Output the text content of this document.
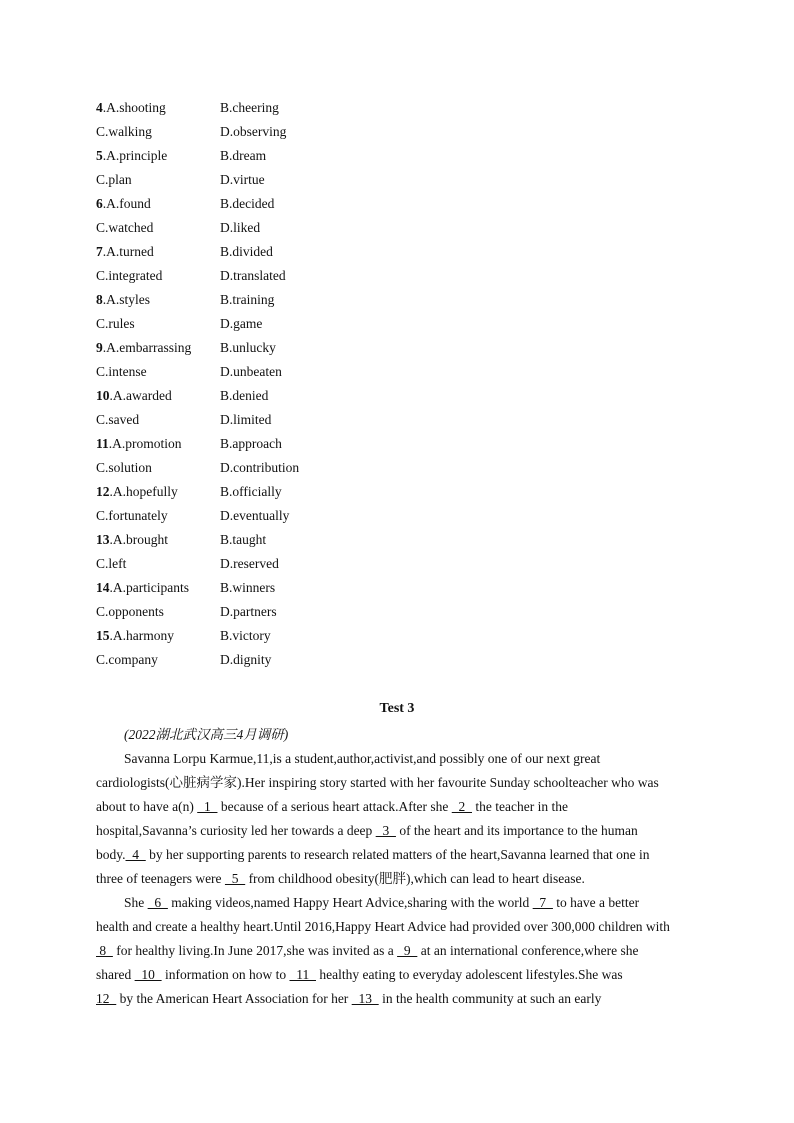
4.A.shooting	B.cheering
C.walking	D.observing
5.A.principle	B.dream
C.plan	D.virtue
6.A.found	B.decided
C.watched	D.liked
7.A.turned	B.divided
C.integrated	D.translated
8.A.styles	B.training
C.rules	D.game
9.A.embarrassing	B.unlucky
C.intense	D.unbeaten
10.A.awarded	B.denied
C.saved	D.limited
11.A.promotion	B.approach
C.solution	D.contribution
12.A.hopefully	B.officially
C.fortunately	D.eventually
13.A.brought	B.taught
C.left	D.reserved
14.A.participants	B.winners
C.opponents	D.partners
15.A.harmony	B.victory
C.company	D.dignity
Test 3
(2022湖北武汉高三4月调研)
Savanna Lorpu Karmue,11,is a student,author,activist,and possibly one of our next great
cardiologists(心脏病学家).Her inspiring story started with her favourite Sunday schoolteacher who was
about to have a(n)   1   because of a serious heart attack.After she   2   the teacher in the
hospital,Savanna’s curiosity led her towards a deep   3   of the heart and its importance to the human
body.  4   by her supporting parents to research related matters of the heart,Savanna learned that one in
three of teenagers were   5   from childhood obesity(肥胖),which can lead to heart disease.
She   6   making videos,named Happy Heart Advice,sharing with the world   7   to have a better
health and create a healthy heart.Until 2016,Happy Heart Advice had provided over 300,000 children with
8   for healthy living.In June 2017,she was invited as a   9   at an international conference,where she
shared   10   information on how to   11   healthy eating to everyday adolescent lifestyles.She was
12   by the American Heart Association for her   13   in the health community at such an early
